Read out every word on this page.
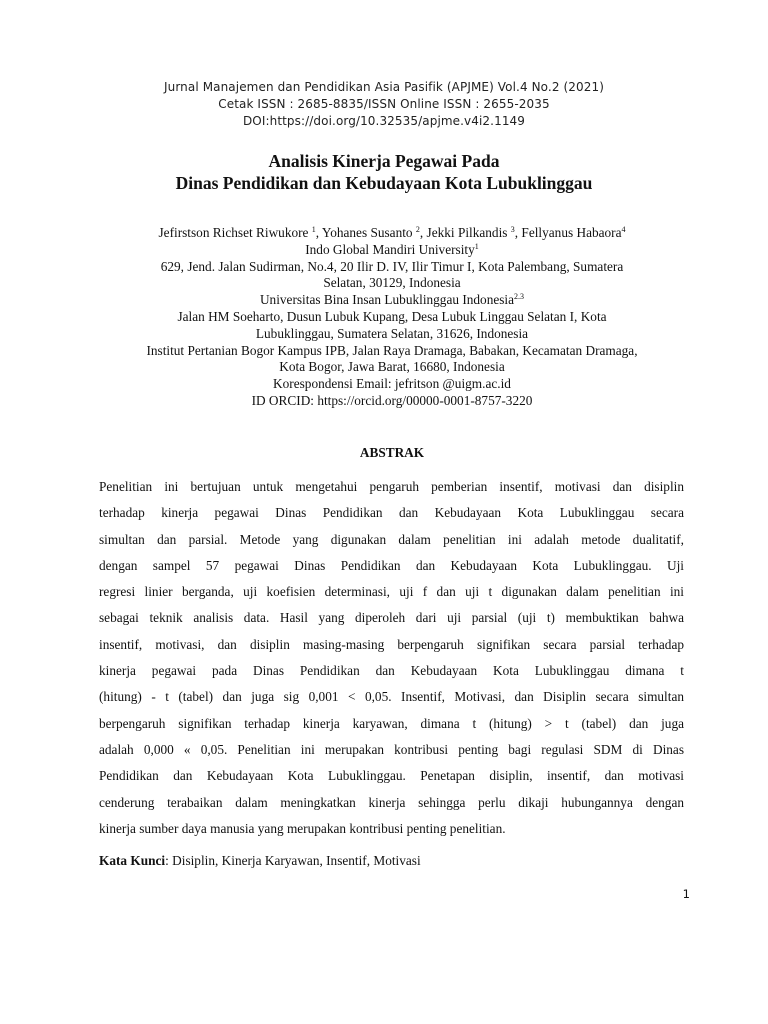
Jurnal Manajemen dan Pendidikan Asia Pasifik (APJME) Vol.4 No.2 (2021)
Cetak ISSN : 2685-8835/ISSN Online ISSN : 2655-2035
DOI:https://doi.org/10.32535/apjme.v4i2.1149
Analisis Kinerja Pegawai Pada
Dinas Pendidikan dan Kebudayaan Kota Lubuklinggau
Jefirstson Richset Riwukore $^1$, Yohanes Susanto $^2$, Jekki Pilkandis $^3$, Fellyanus Habaora$^4$
Indo Global Mandiri University$^1$
629, Jend. Jalan Sudirman, No.4, 20 Ilir D. IV, Ilir Timur I, Kota Palembang, Sumatera
Selatan, 30129, Indonesia
Universitas Bina Insan Lubuklinggau Indonesia$^{2.3}$
Jalan HM Soeharto, Dusun Lubuk Kupang, Desa Lubuk Linggau Selatan I, Kota
Lubuklinggau, Sumatera Selatan, 31626, Indonesia
Institut Pertanian Bogor Kampus IPB, Jalan Raya Dramaga, Babakan, Kecamatan Dramaga,
Kota Bogor, Jawa Barat, 16680, Indonesia
Korespondensi Email: jefritson @uigm.ac.id
ID ORCID: https://orcid.org/00000-0001-8757-3220
ABSTRAK
Penelitian ini bertujuan untuk mengetahui pengaruh pemberian insentif, motivasi dan disiplin
terhadap kinerja pegawai Dinas Pendidikan dan Kebudayaan Kota Lubuklinggau secara
simultan dan parsial. Metode yang digunakan dalam penelitian ini adalah metode dualitatif,
dengan sampel 57 pegawai Dinas Pendidikan dan Kebudayaan Kota Lubuklinggau. Uji
regresi linier berganda, uji koefisien determinasi, uji f dan uji t digunakan dalam penelitian ini
sebagai teknik analisis data. Hasil yang diperoleh dari uji parsial (uji t) membuktikan bahwa
insentif, motivasi, dan disiplin masing-masing berpengaruh signifikan secara parsial terhadap
kinerja pegawai pada Dinas Pendidikan dan Kebudayaan Kota Lubuklinggau dimana t
(hitung) - t (tabel) dan juga sig 0,001 < 0,05. Insentif, Motivasi, dan Disiplin secara simultan
berpengaruh signifikan terhadap kinerja karyawan, dimana t (hitung) > t (tabel) dan juga
adalah 0,000 « 0,05. Penelitian ini merupakan kontribusi penting bagi regulasi SDM di Dinas
Pendidikan dan Kebudayaan Kota Lubuklinggau. Penetapan disiplin, insentif, dan motivasi
cenderung terabaikan dalam meningkatkan kinerja sehingga perlu dikaji hubungannya dengan
kinerja sumber daya manusia yang merupakan kontribusi penting penelitian.
Kata Kunci: Disiplin, Kinerja Karyawan, Insentif, Motivasi
1
